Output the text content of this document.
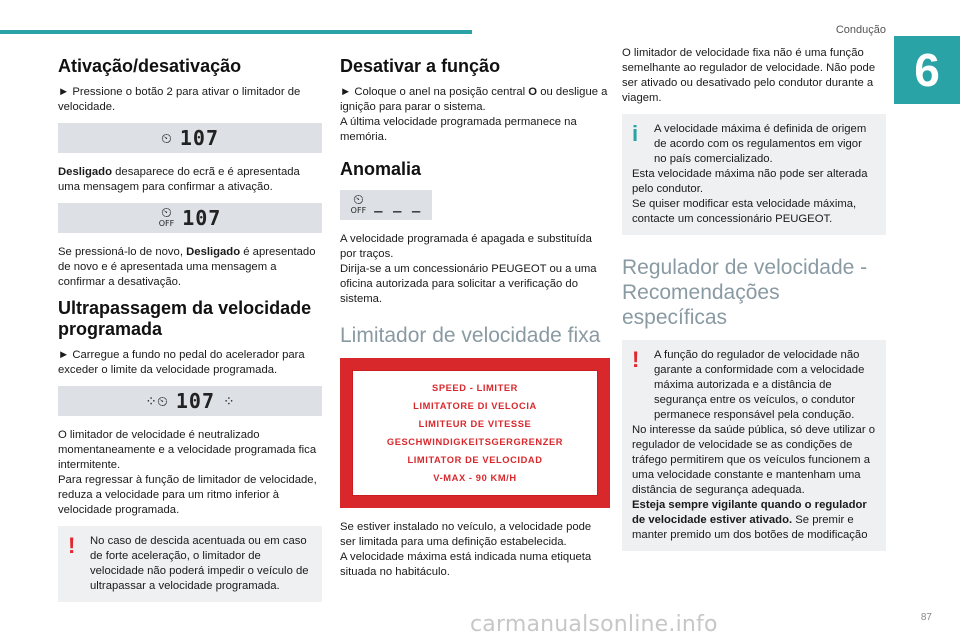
Condução
6
Ativação/desativação

► Pressione o botão 2 para ativar o limitador de velocidade.

⏲ 107

Desligado desaparece do ecrã e é apresentada uma mensagem para confirmar a ativação.

⏲
OFF 107

Se pressioná-lo de novo, Desligado é apresentado de novo e é apresentada uma mensagem a confirmar a desativação.

Ultrapassagem da velocidade programada

► Carregue a fundo no pedal do acelerador para exceder o limite da velocidade programada.

⁘⏲ 107 ⁘

O limitador de velocidade é neutralizado momentaneamente e a velocidade programada fica intermitente.

Para regressar à função de limitador de velocidade, reduza a velocidade para um ritmo inferior à velocidade programada.

!	No caso de descida acentuada ou em caso de forte aceleração, o limitador de velocidade não poderá impedir o veículo de ultrapassar a velocidade programada.

Desativar a função

► Coloque o anel na posição central O ou desligue a ignição para parar o sistema.

A última velocidade programada permanece na memória.

Anomalia
⏲
OFF _ _ _

A velocidade programada é apagada e substituída por traços.

Dirija-se a um concessionário PEUGEOT ou a uma oficina autorizada para solicitar a verificação do sistema.

Limitador de velocidade fixa
SPEED - LIMITER
LIMITATORE DI VELOCIA
LIMITEUR DE VITESSE
GESCHWINDIGKEITSGERGRENZER
LIMITATOR DE VELOCIDAD
V-MAX - 90 KM/H

Se estiver instalado no veículo, a velocidade pode ser limitada para uma definição estabelecida.

A velocidade máxima está indicada numa etiqueta situada no habitáculo.

O limitador de velocidade fixa não é uma função semelhante ao regulador de velocidade. Não pode ser ativado ou desativado pelo condutor durante a viagem.

i	A velocidade máxima é definida de origem de acordo com os regulamentos em vigor no país comercializado.

Esta velocidade máxima não pode ser alterada pelo condutor.

Se quiser modificar esta velocidade máxima, contacte um concessionário PEUGEOT.

Regulador de velocidade - Recomendações específicas
!	A função do regulador de velocidade não garante a conformidade com a velocidade máxima autorizada e a distância de segurança entre os veículos, o condutor permanece responsável pela condução.

No interesse da saúde pública, só deve utilizar o regulador de velocidade se as condições de tráfego permitirem que os veículos funcionem a uma velocidade constante e mantenham uma distância de segurança adequada.

Esteja sempre vigilante quando o regulador de velocidade estiver ativado. Se premir e manter premido um dos botões de modificação

carmanualsonline.info	87
